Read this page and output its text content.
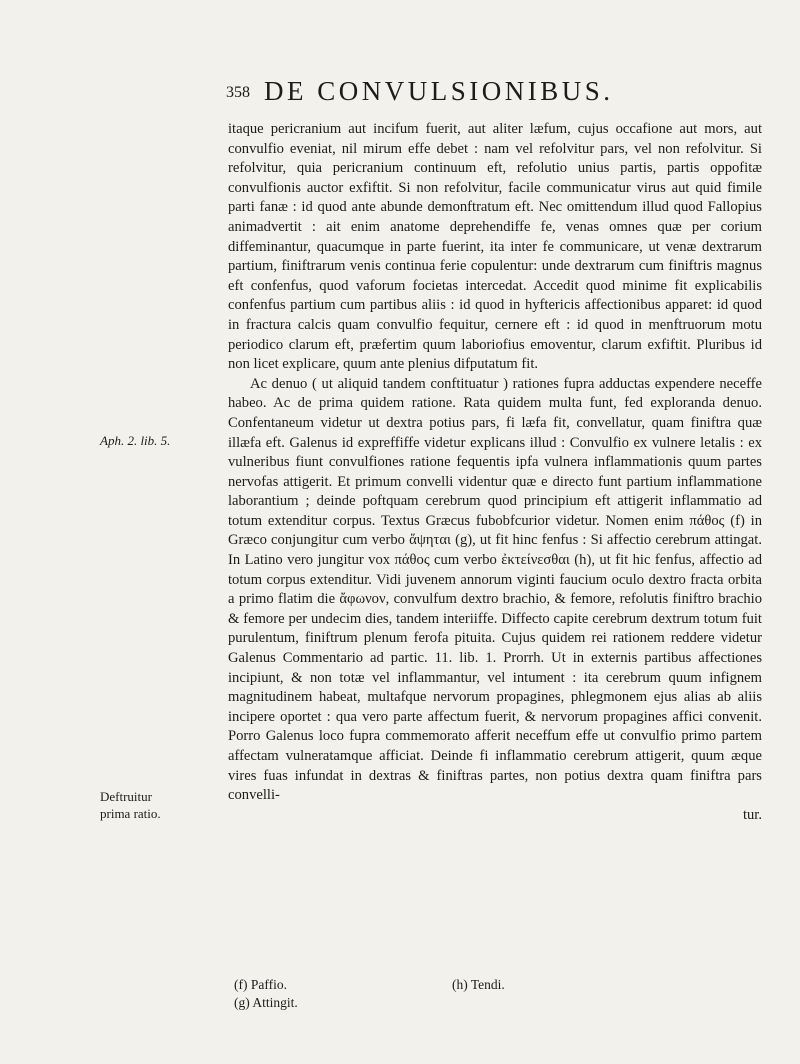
358 DE CONVULSIONIBUS.
Aph. 2. lib. 5.
Deftruitur
prima ratio.

itaque pericranium aut incifum fuerit, aut aliter læfum, cujus occafione aut mors, aut convulfio eveniat, nil mirum effe debet : nam vel refolvitur pars, vel non refolvitur. Si refolvitur, quia pericranium continuum eft, refolutio unius partis, partis oppofitæ convulfionis auctor exfiftit. Si non refolvitur, facile communicatur virus aut quid fimile parti fanæ : id quod ante abunde demonftratum eft. Nec omittendum illud quod Fallopius animadvertit : ait enim anatome deprehendiffe fe, venas omnes quæ per corium diffeminantur, quacumque in parte fuerint, ita inter fe communicare, ut venæ dextrarum partium, finiftrarum venis continua ferie copulentur: unde dextrarum cum finiftris magnus eft confenfus, quod vaforum focietas intercedat. Accedit quod minime fit explicabilis confenfus partium cum partibus aliis : id quod in hyftericis affectionibus apparet: id quod in fractura calcis quam convulfio fequitur, cernere eft : id quod in menftruorum motu periodico clarum eft, præfertim quum laboriofius emoventur, clarum exfiftit. Pluribus id non licet explicare, quum ante plenius difputatum fit.

Ac denuo ( ut aliquid tandem conftituatur ) rationes fupra adductas expendere neceffe habeo. Ac de prima quidem ratione. Rata quidem multa funt, fed exploranda denuo. Confentaneum videtur ut dextra potius pars, fi læfa fit, convellatur, quam finiftra quæ illæfa eft. Galenus id expreffiffe videtur explicans illud : Convulfio ex vulnere letalis : ex vulneribus fiunt convulfiones ratione fequentis ipfa vulnera inflammationis quum partes nervofas attigerit. Et primum convelli videntur quæ e directo funt partium inflammatione laborantium ; deinde poftquam cerebrum quod principium eft attigerit inflammatio ad totum extenditur corpus. Textus Græcus fubobfcurior videtur. Nomen enim πάθος (f) in Græco conjungitur cum verbo ἅψηται (g), ut fit hinc fenfus : Si affectio cerebrum attingat. In Latino vero jungitur vox πάθος cum verbo ἐκτείνεσθαι (h), ut fit hic fenfus, affectio ad totum corpus extenditur. Vidi juvenem annorum viginti faucium oculo dextro fracta orbita a primo flatim die ἄφωνον, convulfum dextro brachio, & femore, refolutis finiftro brachio & femore per undecim dies, tandem interiiffe. Diffecto capite cerebrum dextrum totum fuit purulentum, finiftrum plenum ferofa pituita. Cujus quidem rei rationem reddere videtur Galenus Commentario ad partic. 11. lib. 1. Prorrh. Ut in externis partibus affectiones incipiunt, & non totæ vel inflammantur, vel intument : ita cerebrum quum infignem magnitudinem habeat, multafque nervorum propagines, phlegmonem ejus alias ab aliis incipere oportet : qua vero parte affectum fuerit, & nervorum propagines affici convenit. Porro Galenus loco fupra commemorato afferit neceffum effe ut convulfio primo partem affectam vulneratamque afficiat. Deinde fi inflammatio cerebrum attigerit, quum æque vires fuas infundat in dextras & finiftras partes, non potius dextra quam finiftra pars convelli-

tur.

(f) Paffio.
(g) Attingit.
(h) Tendi.
